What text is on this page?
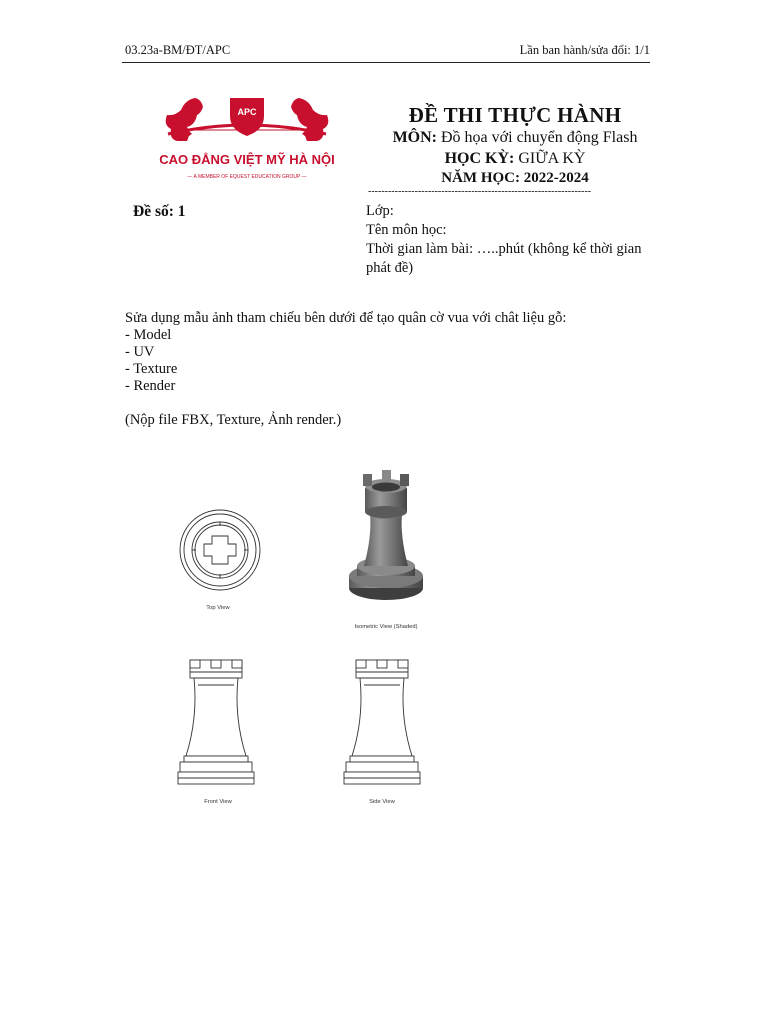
03.23a-BM/ĐT/APC	Lần ban hành/sửa đổi: 1/1
APC
CAO ĐẲNG VIỆT MỸ HÀ NỘI
— A MEMBER OF EQUEST EDUCATION GROUP —
ĐỀ THI THỰC HÀNH
MÔN: Đồ họa với chuyển động Flash
HỌC KỲ: GIỮA KỲ
NĂM HỌC: 2022-2024
-------------------------------------------------------------------
Đề số: 1	Lớp:
Tên môn học:
Thời gian làm bài: …..phút (không kể thời gian phát đề)
Sửa dụng mẫu ảnh tham chiếu bên dưới để tạo quân cờ vua với chât liệu gỗ:
- Model
- UV
- Texture
- Render
(Nộp file FBX, Texture, Ảnh render.)
Top View
Isometric View (Shaded)
Front View	Side View
